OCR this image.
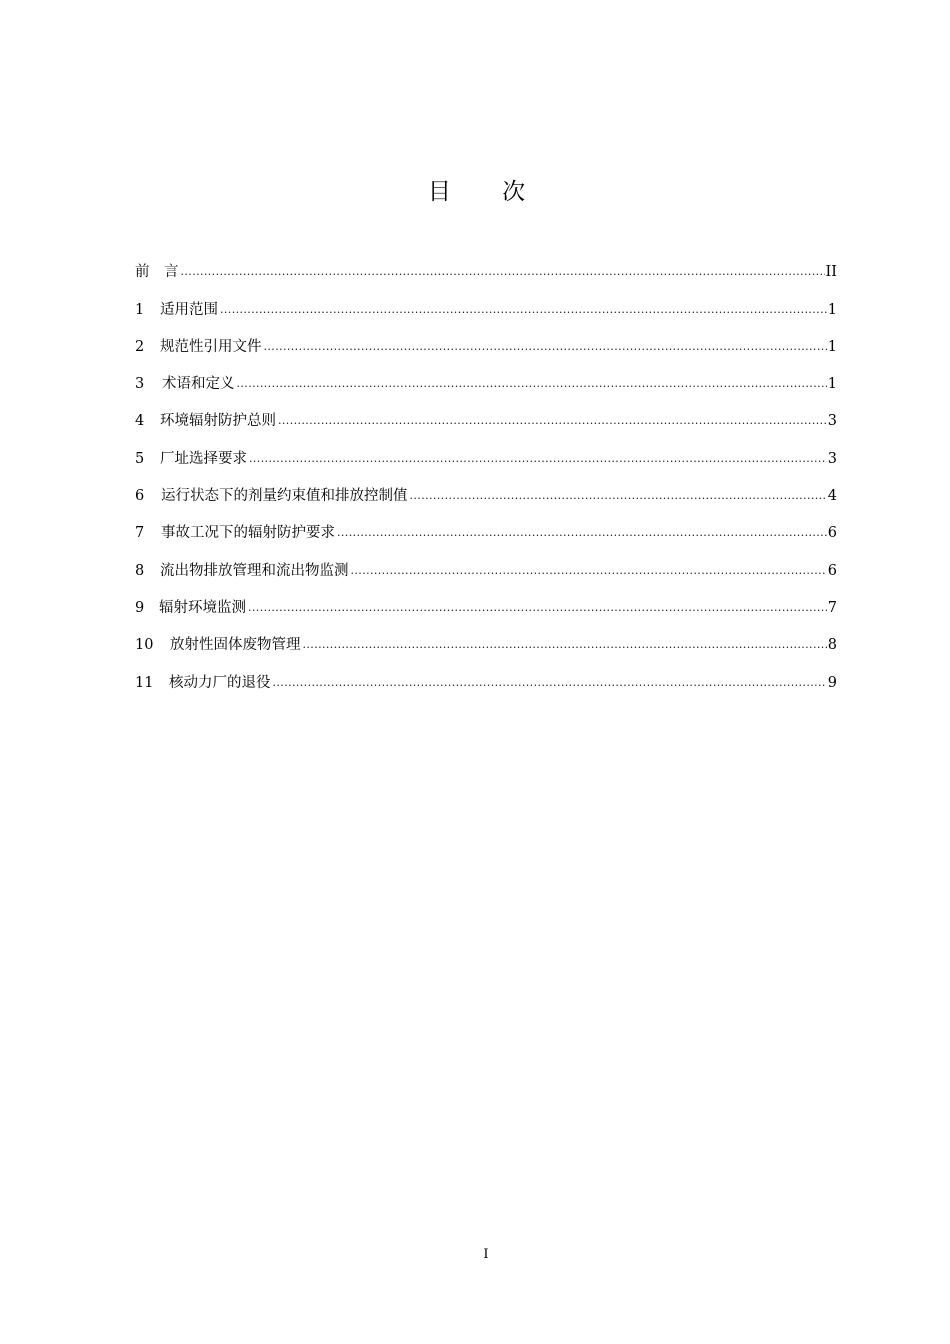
目 次
前　言 .....	II
1	适用范围 .....	1
2	规范性引用文件 .....	1
3	术语和定义 .....	1
4	环境辐射防护总则 .....	3
5	厂址选择要求 .....	3
6	运行状态下的剂量约束值和排放控制值 .....	4
7	事故工况下的辐射防护要求 .....	6
8	流出物排放管理和流出物监测 .....	6
9	辐射环境监测 .....	7
10	放射性固体废物管理 .....	8
11	核动力厂的退役 .....	9
I
